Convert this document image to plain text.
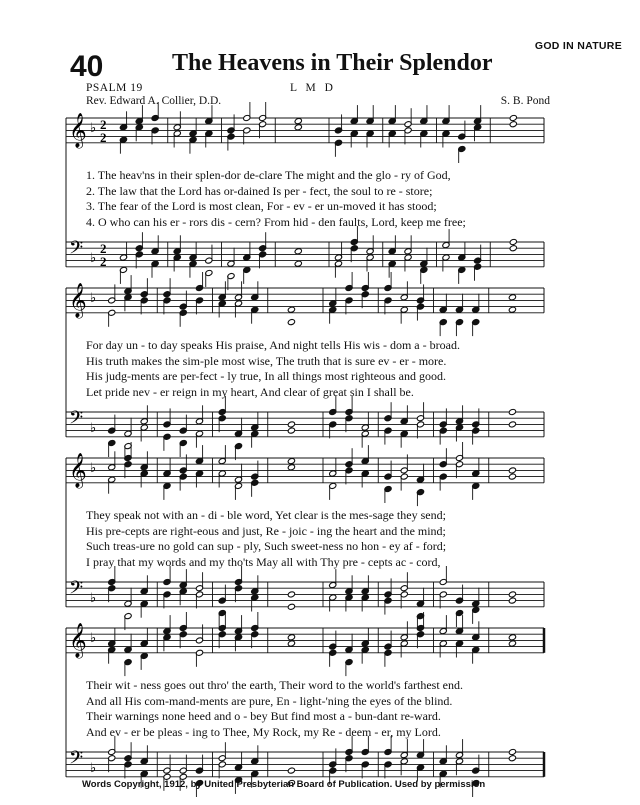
GOD IN NATURE
40	The Heavens in Their Splendor
PSALM 19	L M D
Rev. Edward A. Collier, D.D.	S. B. Pond
𝄞 ♭
𝄢 ♭
2
2
2
2
𝄞 ♭
𝄢 ♭
𝄞 ♭
𝄢 ♭
𝄞 ♭
𝄢 ♭
1. The heav'ns in their splen-dor de-clare The might and the glo - ry of God,
2. The law that the Lord has or-dained Is per - fect, the soul to re - store;
3. The fear of the Lord is most clean, For - ev - er un-moved it has stood;
4. O who can his er - rors dis - cern? From hid - den faults, Lord, keep me free;
For day un - to day speaks His praise, And night tells His wis - dom a - broad.
His truth makes the sim-ple most wise, The truth that is sure ev - er - more.
His judg-ments are per-fect - ly true, In all things most righteous and good.
Let pride nev - er reign in my heart, And clear of great sin I shall be.
They speak not with an - di - ble word, Yet clear is the mes-sage they send;
His pre-cepts are right-eous and just, Re - joic - ing the heart and the mind;
Such treas-ure no gold can sup - ply, Such sweet-ness no hon - ey af - ford;
I pray that my words and my tho'ts May all with Thy pre - cepts ac - cord,
Their wit - ness goes out thro' the earth, Their word to the world's farthest end.
And all His com-mand-ments are pure, En - light-'ning the eyes of the blind.
Their warnings none heed and o - bey But find most a - bun-dant re-ward.
And ev - er be pleas - ing to Thee, My Rock, my Re - deem - er, my Lord.
Words Copyright, 1912, by United Presbyterian Board of Publication. Used by permission
